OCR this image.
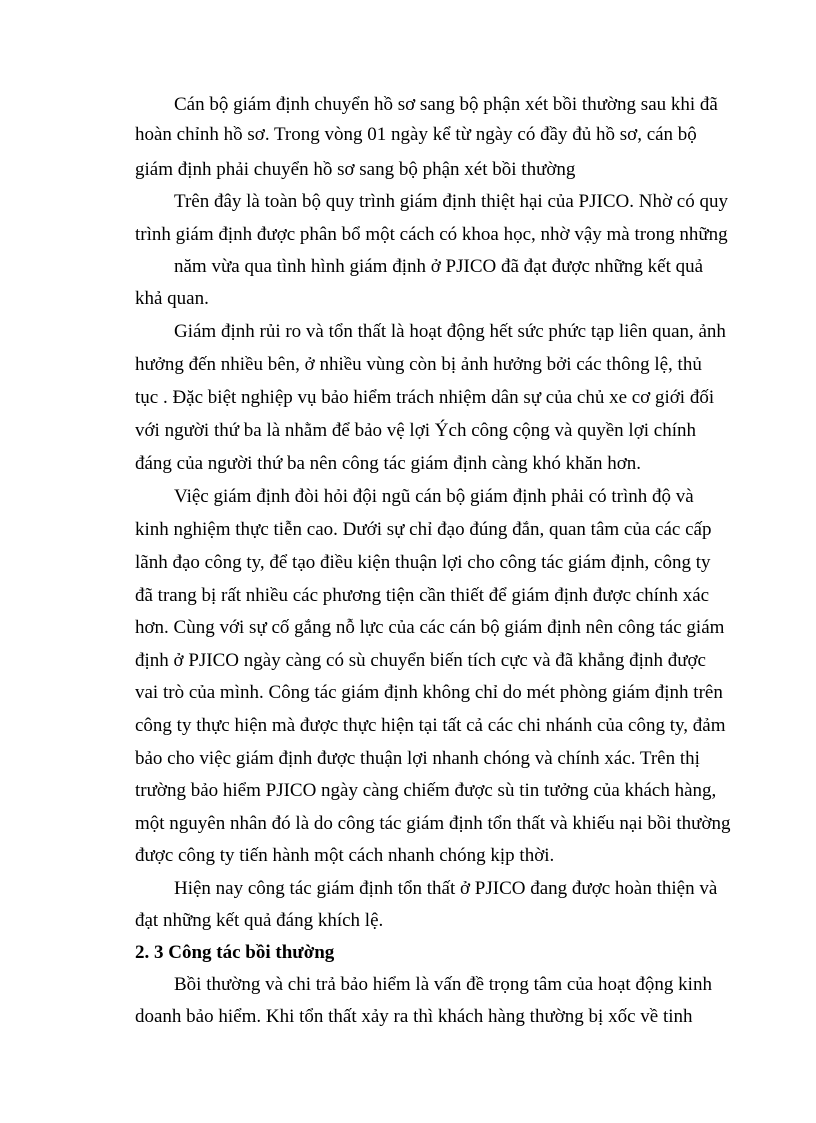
Cán bộ giám định chuyển hồ sơ sang bộ phận xét bồi thường sau khi đã
hoàn chỉnh hồ sơ. Trong vòng 01 ngày kể từ ngày có đầy đủ hồ sơ, cán bộ
giám định phải chuyển hồ sơ sang bộ phận xét bồi thường
Trên đây là toàn bộ quy trình giám định thiệt hại của PJICO. Nhờ có quy
trình giám định được phân bổ một cách có khoa học, nhờ vậy mà trong những
năm vừa qua tình hình giám định ở PJICO đã đạt được những kết quả
khả quan.
Giám định rủi ro và tổn thất là hoạt động hết sức phức tạp liên quan, ảnh
hưởng đến nhiều bên, ở nhiều vùng còn bị ảnh hưởng bởi các thông lệ, thủ
tục . Đặc biệt nghiệp vụ bảo hiểm trách nhiệm dân sự của chủ xe cơ giới đối
với người thứ ba là nhằm để bảo vệ lợi Ých công cộng và quyền lợi chính
đáng của người thứ ba nên công tác giám định càng khó khăn hơn.
Việc giám định đòi hỏi đội ngũ cán bộ giám định phải có trình độ và
kinh nghiệm thực tiễn cao. Dưới sự chỉ đạo đúng đắn, quan tâm của các cấp
lãnh đạo công ty, để tạo điều kiện thuận lợi cho công tác giám định, công ty
đã trang bị rất nhiều các phương tiện cần thiết để giám định được chính xác
hơn. Cùng với sự cố gắng nỗ lực của các cán bộ giám định nên công tác giám
định ở PJICO ngày càng có sù chuyển biến tích cực và đã khẳng định được
vai trò của mình. Công tác giám định không chỉ do mét phòng giám định trên
công ty thực hiện mà được thực hiện tại tất cả các chi nhánh của công ty, đảm
bảo cho việc giám định được thuận lợi nhanh chóng và chính xác. Trên thị
trường bảo hiểm PJICO ngày càng chiếm được sù tin tưởng của khách hàng,
một nguyên nhân đó là do công tác giám định tổn thất và khiếu nại bồi thường
được công ty tiến hành một cách nhanh chóng kịp thời.
Hiện nay công tác giám định tổn thất ở PJICO đang được hoàn thiện và
đạt những kết quả đáng khích lệ.
2. 3 Công tác bồi thường
Bồi thường và chi trả bảo hiểm là vấn đề trọng tâm của hoạt động kinh
doanh bảo hiểm. Khi tổn thất xảy ra thì khách hàng thường bị xốc về tinh
